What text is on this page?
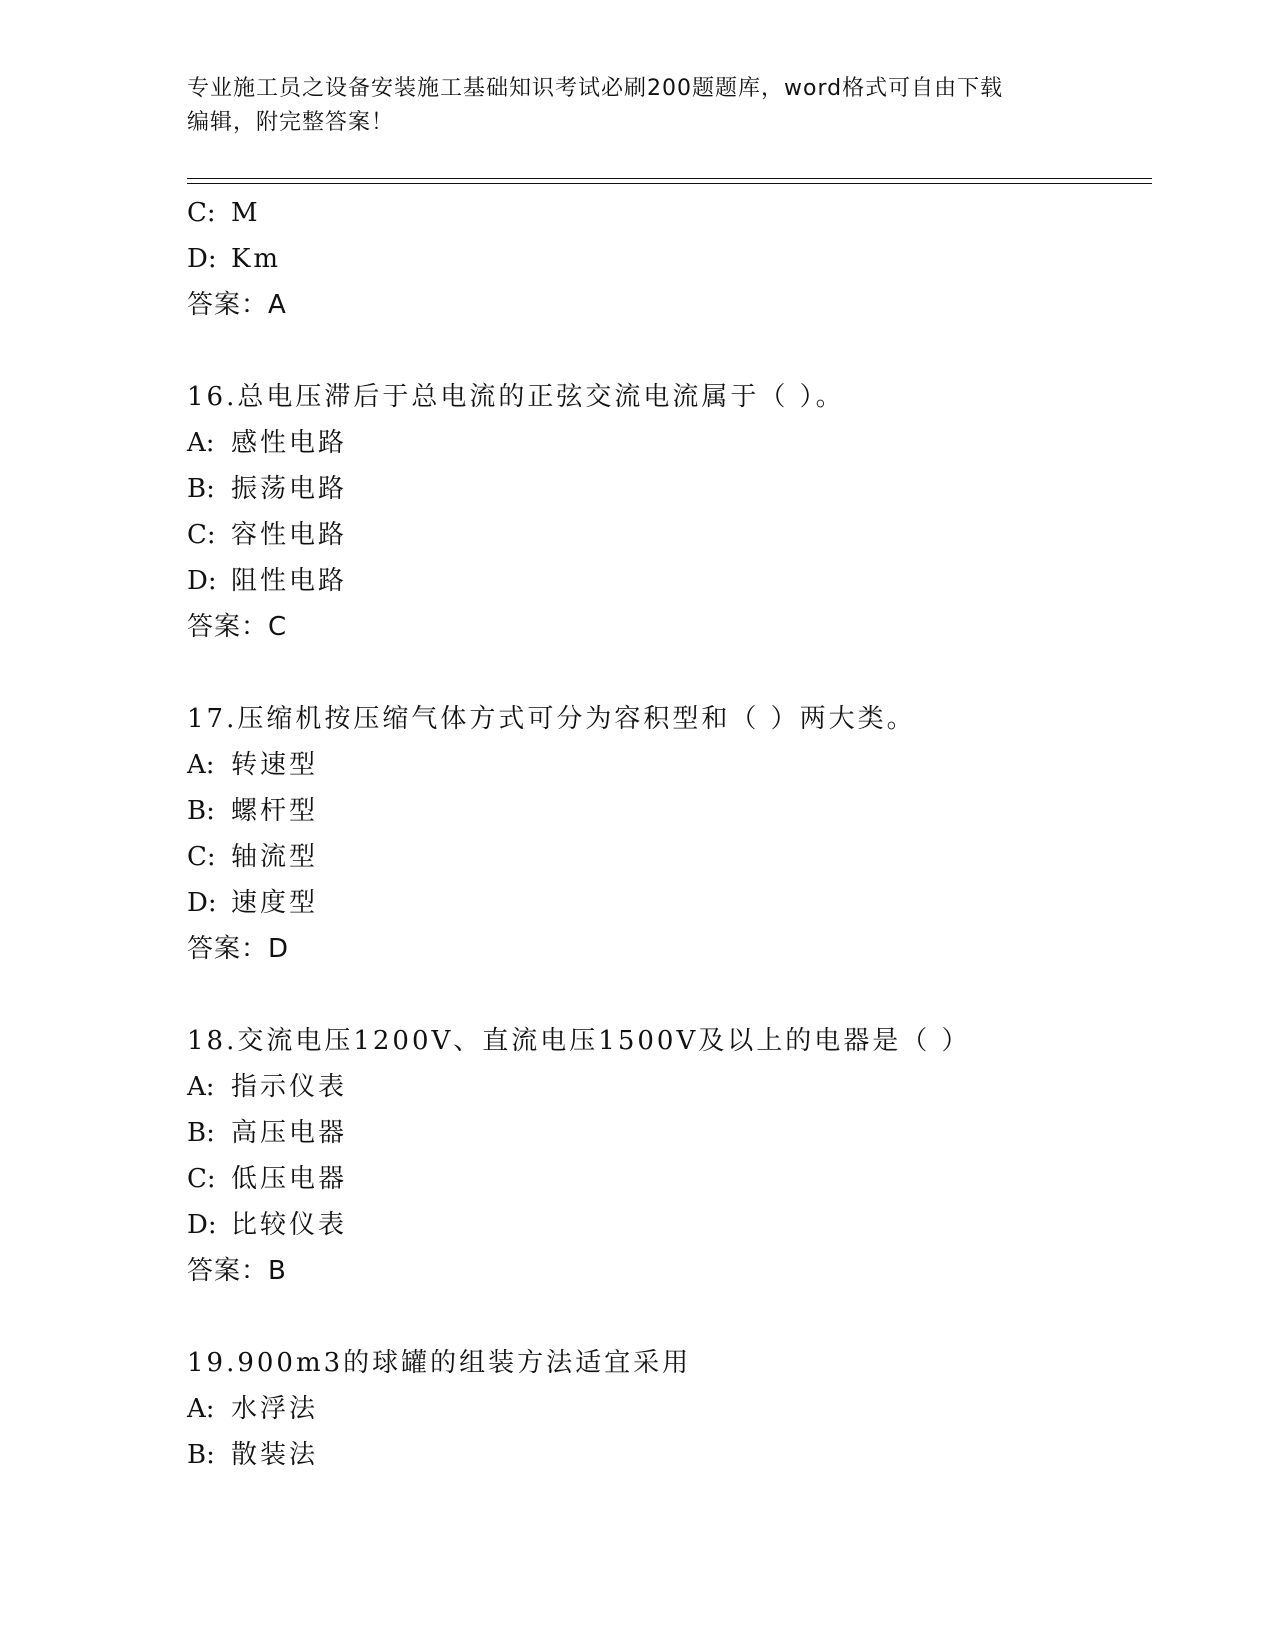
专业施工员之设备安装施工基础知识考试必刷200题题库，word格式可自由下载
编辑，附完整答案！
C: M
D: Km
答案：A
16.总电压滞后于总电流的正弦交流电流属于（ ）。
A: 感性电路
B: 振荡电路
C: 容性电路
D: 阻性电路
答案：C
17.压缩机按压缩气体方式可分为容积型和（ ）两大类。
A: 转速型
B: 螺杆型
C: 轴流型
D: 速度型
答案：D
18.交流电压1200V、直流电压1500V及以上的电器是（ ）
A: 指示仪表
B: 高压电器
C: 低压电器
D: 比较仪表
答案：B
19.900m3的球罐的组装方法适宜采用
A: 水浮法
B: 散装法
